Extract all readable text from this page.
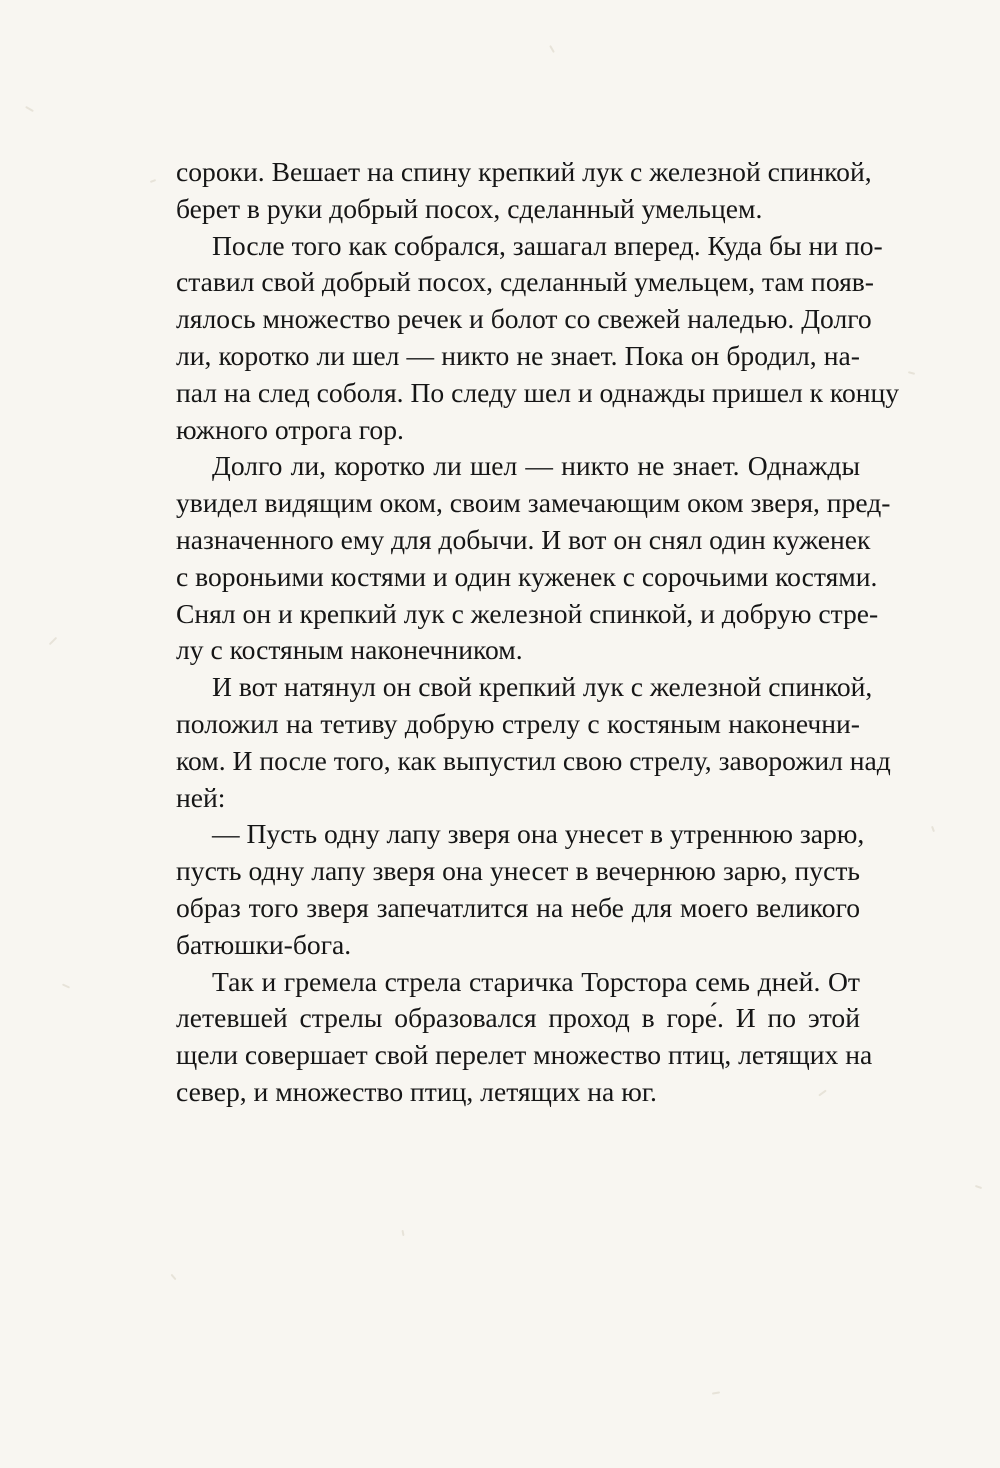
сороки. Вешает на спину крепкий лук с железной спинкой,
берет в руки добрый посох, сделанный умельцем.

После того как собрался, зашагал вперед. Куда бы ни по-
ставил свой добрый посох, сделанный умельцем, там появ-
лялось множество речек и болот со свежей наледью. Долго
ли, коротко ли шел — никто не знает. Пока он бродил, на-
пал на след соболя. По следу шел и однажды пришел к концу
южного отрога гор.

Долго ли, коротко ли шел — никто не знает. Однажды
увидел видящим оком, своим замечающим оком зверя, пред-
назначенного ему для добычи. И вот он снял один куженек
с вороньими костями и один куженек с сорочьими костями.
Снял он и крепкий лук с железной спинкой, и добрую стре-
лу с костяным наконечником.

И вот натянул он свой крепкий лук с железной спинкой,
положил на тетиву добрую стрелу с костяным наконечни-
ком. И после того, как выпустил свою стрелу, заворожил над
ней:

— Пусть одну лапу зверя она унесет в утреннюю зарю,
пусть одну лапу зверя она унесет в вечернюю зарю, пусть
образ того зверя запечатлится на небе для моего великого
батюшки-бога.

Так и гремела стрела старичка Торстора семь дней. От
летевшей стрелы образовался проход в горе́. И по этой
щели совершает свой перелет множество птиц, летящих на
север, и множество птиц, летящих на юг.
